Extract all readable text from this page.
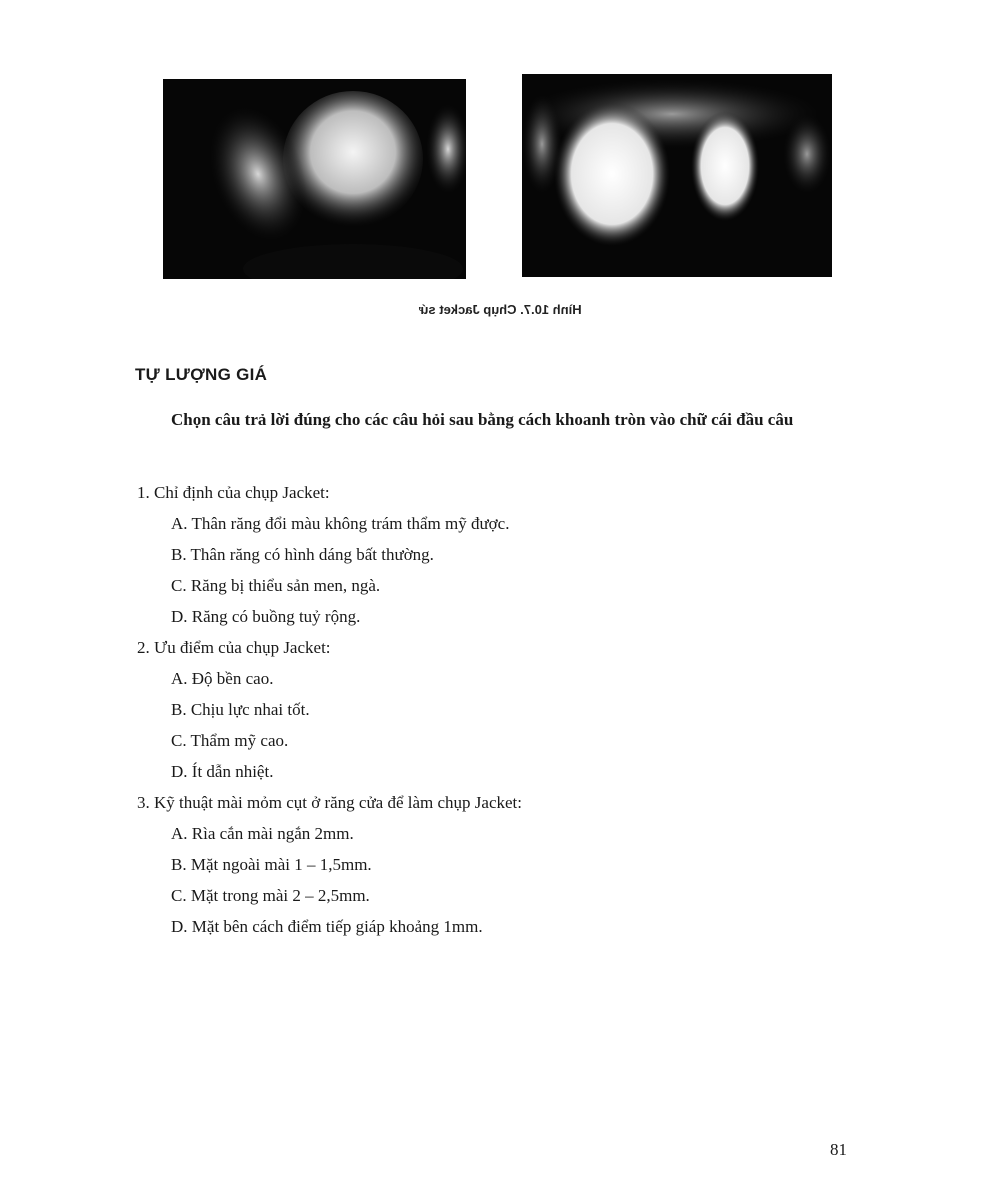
Hình 10.7. Chụp Jacket sứ
TỰ LƯỢNG GIÁ
Chọn câu trả lời đúng cho các câu hỏi sau bằng cách khoanh tròn vào chữ cái đầu câu
1. Chỉ định của chụp Jacket:
A. Thân răng đổi màu không trám thẩm mỹ được.
B. Thân răng có hình dáng bất thường.
C. Răng bị thiểu sản men, ngà.
D. Răng có buồng tuỷ rộng.
2. Ưu điểm của chụp Jacket:
A. Độ bền cao.
B. Chịu lực nhai tốt.
C. Thẩm mỹ cao.
D. Ít dẫn nhiệt.
3. Kỹ thuật mài mỏm cụt ở răng cửa để làm chụp Jacket:
A. Rìa cắn mài ngắn 2mm.
B. Mặt ngoài mài 1 – 1,5mm.
C. Mặt trong mài 2 – 2,5mm.
D. Mặt bên cách điểm tiếp giáp khoảng 1mm.
81
